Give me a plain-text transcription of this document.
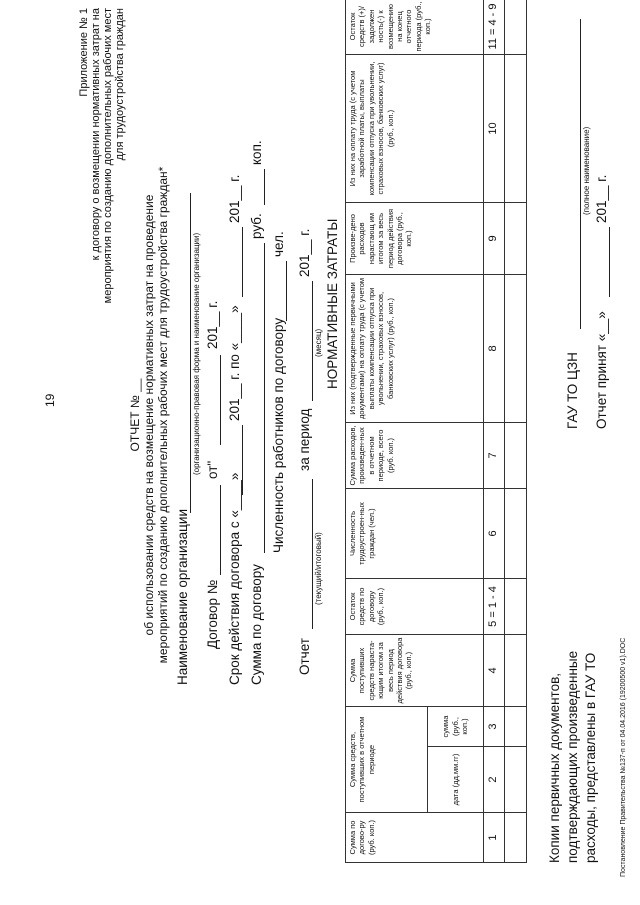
19
Приложение № 1 к договору о возмещении нормативных затрат на мероприятия по созданию дополнительных рабочих мест для трудоустройства граждан
ОТЧЕТ № __ об использовании средств на возмещение нормативных затрат на проведение мероприятий по созданию дополнительных рабочих мест для трудоустройства граждан* Наименование организации
(организационно-правовая форма и наименование организации)
Договор №
от"
201__ г.
Срок действия договора с «____»
201__ г. по «____»
201__ г.
Сумма по договору
руб.
коп.
Численность работников по договору
чел.
Отчет
(текущий/итоговый)
за период
(месяц)
201__ г. НОРМАТИВНЫЕ ЗАТРАТЫ
Сумма по догово-ру (руб. коп.)	Сумма средств, поступивших в отчетном периоде		Сумма поступивших средств нараста-ющим итогом за весь период действия договора (руб., коп.)	Остаток средств по договору (руб., коп.)	Численность трудоустроен-ных граждан (чел.)	Сумма расходов, произведен-ных в отчетном периоде, всего (руб. коп.)	Из них (подтвержденные первичными документами) на оплату труда (с учетом выплаты компенсации отпуска при увольнении, страховых взносов, банковских услуг) (руб., коп.)	Произве-дено расходов нарастающ им итогом за весь период действия договора (руб., коп.)	Из них на оплату труда (с учетом заработной платы, выплаты компенсации отпуска при увольнении, страховых взносов, банковских услуг) (руб., коп.)	Остаток средств (+)/задолжен ность(-) к возмещению на конец отчетного периода (руб., коп.)
	дата (дд.мм.гг)	сумма (руб., коп.)								
1	2	3	4	5 = 1 - 4	6	7	8	9	10	11 = 4 - 9

Копии первичных документов, подтверждающих произведенные расходы, представлены в ГАУ ТО
ГАУ ТО ЦЗН
(полное наименование)
Отчет принят «__»
201__ г.
Постановление Правительства №137-п от 04.04.2016 (19200500 v1).DOC
